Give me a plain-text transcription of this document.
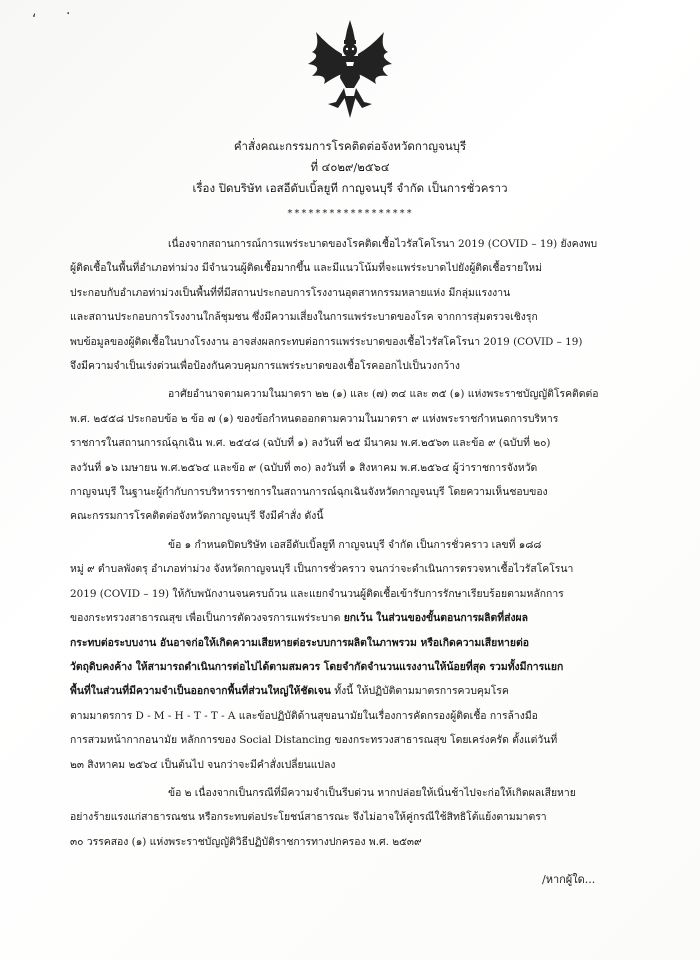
‘ ·
คำสั่งคณะกรรมการโรคติดต่อจังหวัดกาญจนบุรี
ที่ ๔๐๒๙/๒๕๖๔
เรื่อง ปิดบริษัท เอสอีดับเบิ้ลยูที กาญจนบุรี จำกัด เป็นการชั่วคราว
******************
เนื่องจากสถานการณ์การแพร่ระบาดของโรคติดเชื้อไวรัสโคโรนา 2019 (COVID – 19) ยังคงพบ
ผู้ติดเชื้อในพื้นที่อำเภอท่าม่วง มีจำนวนผู้ติดเชื้อมากขึ้น และมีแนวโน้มที่จะแพร่ระบาดไปยังผู้ติดเชื้อรายใหม่
ประกอบกับอำเภอท่าม่วงเป็นพื้นที่ที่มีสถานประกอบการโรงงานอุตสาหกรรมหลายแห่ง มีกลุ่มแรงงาน
และสถานประกอบการโรงงานใกล้ชุมชน ซึ่งมีความเสี่ยงในการแพร่ระบาดของโรค จากการสุ่มตรวจเชิงรุก
พบข้อมูลของผู้ติดเชื้อในบางโรงงาน อาจส่งผลกระทบต่อการแพร่ระบาดของเชื้อไวรัสโคโรนา 2019 (COVID – 19)
จึงมีความจำเป็นเร่งด่วนเพื่อป้องกันควบคุมการแพร่ระบาดของเชื้อโรคออกไปเป็นวงกว้าง
อาศัยอำนาจตามความในมาตรา ๒๒ (๑) และ (๗) ๓๔ และ ๓๕ (๑) แห่งพระราชบัญญัติโรคติดต่อ
พ.ศ. ๒๕๕๘ ประกอบข้อ ๒ ข้อ ๗ (๑) ของข้อกำหนดออกตามความในมาตรา ๙ แห่งพระราชกำหนดการบริหาร
ราชการในสถานการณ์ฉุกเฉิน พ.ศ. ๒๕๔๘ (ฉบับที่ ๑) ลงวันที่ ๒๕ มีนาคม พ.ศ.๒๕๖๓ และข้อ ๙ (ฉบับที่ ๒๐)
ลงวันที่ ๑๖ เมษายน พ.ศ.๒๕๖๔ และข้อ ๙ (ฉบับที่ ๓๐) ลงวันที่ ๑ สิงหาคม พ.ศ.๒๕๖๔ ผู้ว่าราชการจังหวัด
กาญจนบุรี ในฐานะผู้กำกับการบริหารราชการในสถานการณ์ฉุกเฉินจังหวัดกาญจนบุรี โดยความเห็นชอบของ
คณะกรรมการโรคติดต่อจังหวัดกาญจนบุรี จึงมีคำสั่ง ดังนี้
ข้อ ๑ กำหนดปิดบริษัท เอสอีดับเบิ้ลยูที กาญจนบุรี จำกัด เป็นการชั่วคราว เลขที่ ๑๘๘
หมู่ ๙ ตำบลพังตรุ อำเภอท่าม่วง จังหวัดกาญจนบุรี เป็นการชั่วคราว จนกว่าจะดำเนินการตรวจหาเชื้อไวรัสโคโรนา
2019 (COVID – 19) ให้กับพนักงานจนครบถ้วน และแยกจำนวนผู้ติดเชื้อเข้ารับการรักษาเรียบร้อยตามหลักการ
ของกระทรวงสาธารณสุข เพื่อเป็นการตัดวงจรการแพร่ระบาด ยกเว้น ในส่วนของขั้นตอนการผลิตที่ส่งผล
กระทบต่อระบบงาน อันอาจก่อให้เกิดความเสียหายต่อระบบการผลิตในภาพรวม หรือเกิดความเสียหายต่อ
วัตถุดิบคงค้าง ให้สามารถดำเนินการต่อไปได้ตามสมควร โดยจำกัดจำนวนแรงงานให้น้อยที่สุด รวมทั้งมีการแยก
พื้นที่ในส่วนที่มีความจำเป็นออกจากพื้นที่ส่วนใหญ่ให้ชัดเจน ทั้งนี้ ให้ปฏิบัติตามมาตรการควบคุมโรค
ตามมาตรการ D - M - H - T - T - A และข้อปฏิบัติด้านสุขอนามัยในเรื่องการคัดกรองผู้ติดเชื้อ การล้างมือ
การสวมหน้ากากอนามัย หลักการของ Social Distancing ของกระทรวงสาธารณสุข โดยเคร่งครัด ตั้งแต่วันที่
๒๓ สิงหาคม ๒๕๖๔ เป็นต้นไป จนกว่าจะมีคำสั่งเปลี่ยนแปลง
ข้อ ๒ เนื่องจากเป็นกรณีที่มีความจำเป็นรีบด่วน หากปล่อยให้เนิ่นช้าไปจะก่อให้เกิดผลเสียหาย
อย่างร้ายแรงแก่สาธารณชน หรือกระทบต่อประโยชน์สาธารณะ จึงไม่อาจให้คู่กรณีใช้สิทธิโต้แย้งตามมาตรา
๓๐ วรรคสอง (๑) แห่งพระราชบัญญัติวิธีปฏิบัติราชการทางปกครอง พ.ศ. ๒๕๓๙
/หากผู้ใด...
